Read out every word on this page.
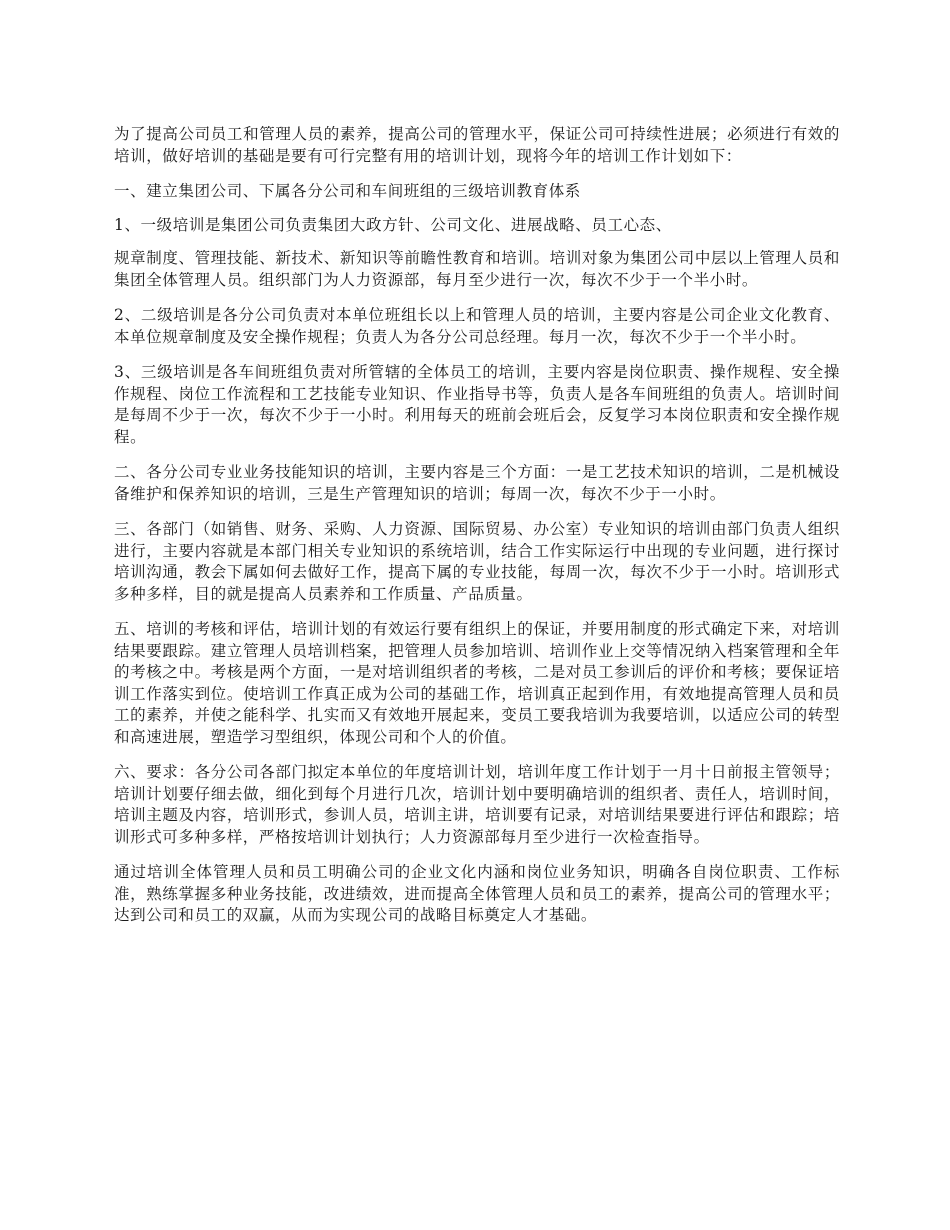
为了提高公司员工和管理人员的素养，提高公司的管理水平，保证公司可持续性进展；必须进行有效的培训，做好培训的基础是要有可行完整有用的培训计划，现将今年的培训工作计划如下：

一、建立集团公司、下属各分公司和车间班组的三级培训教育体系

1、一级培训是集团公司负责集团大政方针、公司文化、进展战略、员工心态、

规章制度、管理技能、新技术、新知识等前瞻性教育和培训。培训对象为集团公司中层以上管理人员和集团全体管理人员。组织部门为人力资源部，每月至少进行一次，每次不少于一个半小时。

2、二级培训是各分公司负责对本单位班组长以上和管理人员的培训，主要内容是公司企业文化教育、本单位规章制度及安全操作规程；负责人为各分公司总经理。每月一次，每次不少于一个半小时。

3、三级培训是各车间班组负责对所管辖的全体员工的培训，主要内容是岗位职责、操作规程、安全操作规程、岗位工作流程和工艺技能专业知识、作业指导书等，负责人是各车间班组的负责人。培训时间是每周不少于一次，每次不少于一小时。利用每天的班前会班后会，反复学习本岗位职责和安全操作规程。

二、各分公司专业业务技能知识的培训，主要内容是三个方面：一是工艺技术知识的培训，二是机械设备维护和保养知识的培训，三是生产管理知识的培训；每周一次，每次不少于一小时。

三、各部门（如销售、财务、采购、人力资源、国际贸易、办公室）专业知识的培训由部门负责人组织进行，主要内容就是本部门相关专业知识的系统培训，结合工作实际运行中出现的专业问题，进行探讨培训沟通，教会下属如何去做好工作，提高下属的专业技能，每周一次，每次不少于一小时。培训形式多种多样，目的就是提高人员素养和工作质量、产品质量。

五、培训的考核和评估，培训计划的有效运行要有组织上的保证，并要用制度的形式确定下来，对培训结果要跟踪。建立管理人员培训档案，把管理人员参加培训、培训作业上交等情况纳入档案管理和全年的考核之中。考核是两个方面，一是对培训组织者的考核，二是对员工参训后的评价和考核；要保证培训工作落实到位。使培训工作真正成为公司的基础工作，培训真正起到作用，有效地提高管理人员和员工的素养，并使之能科学、扎实而又有效地开展起来，变员工要我培训为我要培训，以适应公司的转型和高速进展，塑造学习型组织，体现公司和个人的价值。

六、要求：各分公司各部门拟定本单位的年度培训计划，培训年度工作计划于一月十日前报主管领导；培训计划要仔细去做，细化到每个月进行几次，培训计划中要明确培训的组织者、责任人，培训时间，培训主题及内容，培训形式，参训人员，培训主讲，培训要有记录，对培训结果要进行评估和跟踪；培训形式可多种多样，严格按培训计划执行；人力资源部每月至少进行一次检查指导。

通过培训全体管理人员和员工明确公司的企业文化内涵和岗位业务知识，明确各自岗位职责、工作标准，熟练掌握多种业务技能，改进绩效，进而提高全体管理人员和员工的素养，提高公司的管理水平；达到公司和员工的双赢，从而为实现公司的战略目标奠定人才基础。
